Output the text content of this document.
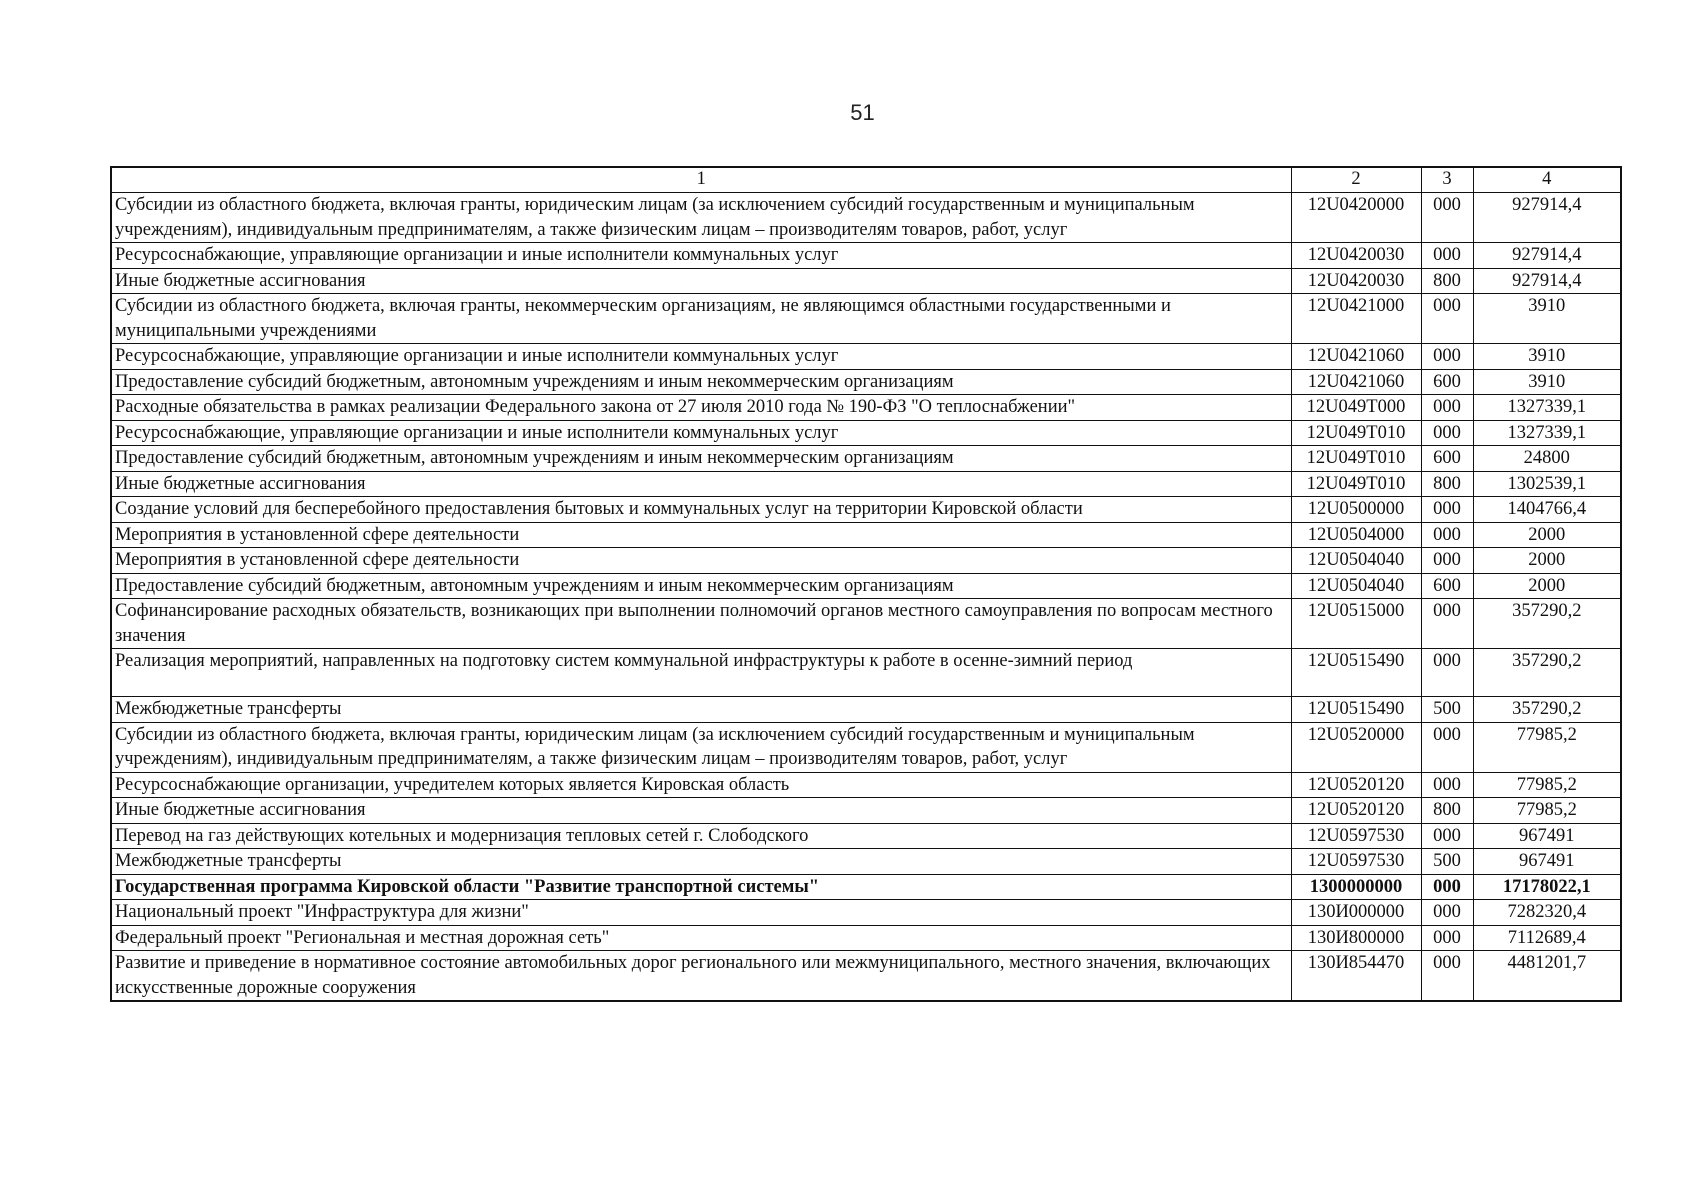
51
1	2	3	4
Субсидии из областного бюджета, включая гранты, юридическим лицам (за исключением субсидий государственным и муниципальным учреждениям), индивидуальным предпринимателям, а также физическим лицам – производителям товаров, работ, услуг	12U0420000	000	927914,4
Ресурсоснабжающие, управляющие организации и иные исполнители коммунальных услуг	12U0420030	000	927914,4
Иные бюджетные ассигнования	12U0420030	800	927914,4
Субсидии из областного бюджета, включая гранты, некоммерческим организациям, не являющимся областными государственными и муниципальными учреждениями	12U0421000	000	3910
Ресурсоснабжающие, управляющие организации и иные исполнители коммунальных услуг	12U0421060	000	3910
Предоставление субсидий бюджетным, автономным учреждениям и иным некоммерческим организациям	12U0421060	600	3910
Расходные обязательства в рамках реализации Федерального закона от 27 июля 2010 года № 190-ФЗ "О теплоснабжении"	12U049T000	000	1327339,1
Ресурсоснабжающие, управляющие организации и иные исполнители коммунальных услуг	12U049T010	000	1327339,1
Предоставление субсидий бюджетным, автономным учреждениям и иным некоммерческим организациям	12U049T010	600	24800
Иные бюджетные ассигнования	12U049T010	800	1302539,1
Создание условий для бесперебойного предоставления бытовых и коммунальных услуг на территории Кировской области	12U0500000	000	1404766,4
Мероприятия в установленной сфере деятельности	12U0504000	000	2000
Мероприятия в установленной сфере деятельности	12U0504040	000	2000
Предоставление субсидий бюджетным, автономным учреждениям и иным некоммерческим организациям	12U0504040	600	2000
Софинансирование расходных обязательств, возникающих при выполнении полномочий органов местного самоуправления по вопросам местного значения	12U0515000	000	357290,2
Реализация мероприятий, направленных на подготовку систем коммунальной инфраструктуры к работе в осенне-зимний период	12U0515490	000	357290,2
Межбюджетные трансферты	12U0515490	500	357290,2
Субсидии из областного бюджета, включая гранты, юридическим лицам (за исключением субсидий государственным и муниципальным учреждениям), индивидуальным предпринимателям, а также физическим лицам – производителям товаров, работ, услуг	12U0520000	000	77985,2
Ресурсоснабжающие организации, учредителем которых является Кировская область	12U0520120	000	77985,2
Иные бюджетные ассигнования	12U0520120	800	77985,2
Перевод на газ действующих котельных и модернизация тепловых сетей г. Слободского	12U0597530	000	967491
Межбюджетные трансферты	12U0597530	500	967491
Государственная программа Кировской области "Развитие транспортной системы"	1300000000	000	17178022,1
Национальный проект "Инфраструктура для жизни"	130И000000	000	7282320,4
Федеральный проект "Региональная и местная дорожная сеть"	130И800000	000	7112689,4
Развитие и приведение в нормативное состояние автомобильных дорог регионального или межмуниципального, местного значения, включающих искусственные дорожные сооружения	130И854470	000	4481201,7
